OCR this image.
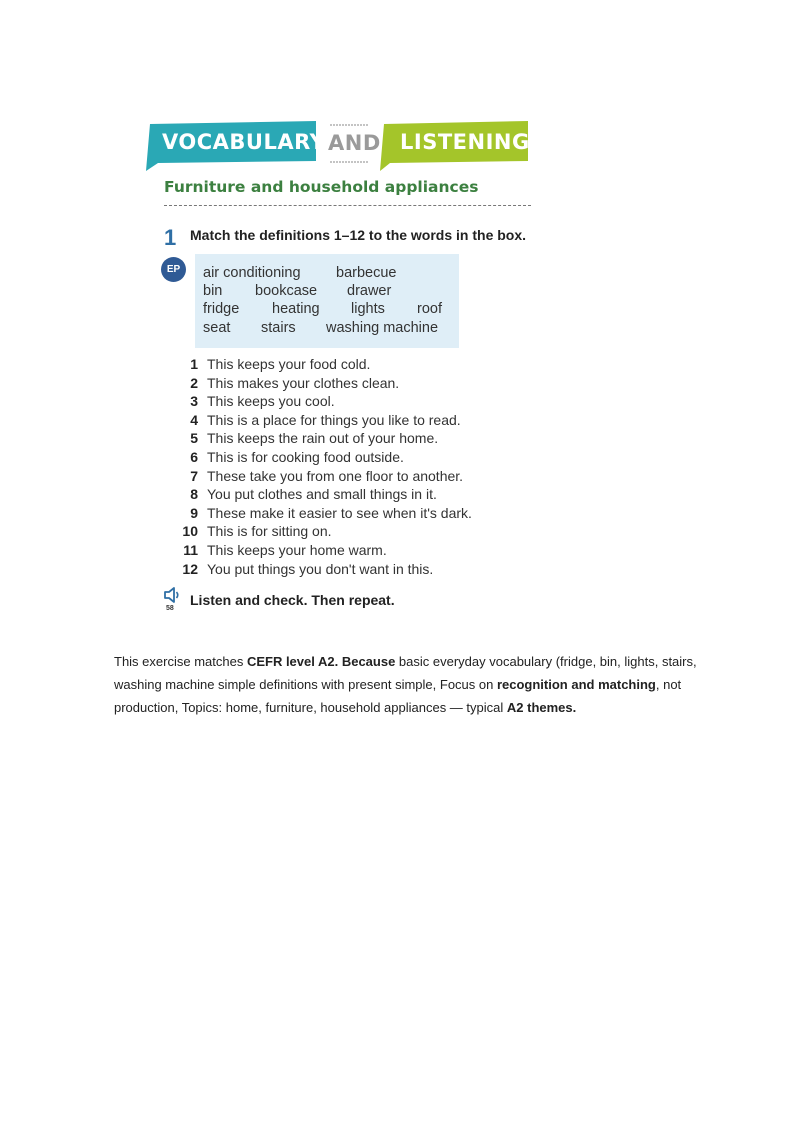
VOCABULARY AND LISTENING
Furniture and household appliances
1 Match the definitions 1–12 to the words in the box.
EP	air conditioning barbecue
bin bookcase drawer
fridge heating lights roof
seat stairs washing machine
1 This keeps your food cold.
2 This makes your clothes clean.
3 This keeps you cool.
4 This is a place for things you like to read.
5 This keeps the rain out of your home.
6 This is for cooking food outside.
7 These take you from one floor to another.
8 You put clothes and small things in it.
9 These make it easier to see when it's dark.
10 This is for sitting on.
11 This keeps your home warm.
12 You put things you don't want in this.
58
Listen and check. Then repeat.
This exercise matches CEFR level A2. Because basic everyday vocabulary (fridge, bin, lights, stairs, washing machine simple definitions with present simple, Focus on recognition and matching, not production, Topics: home, furniture, household appliances — typical A2 themes.
